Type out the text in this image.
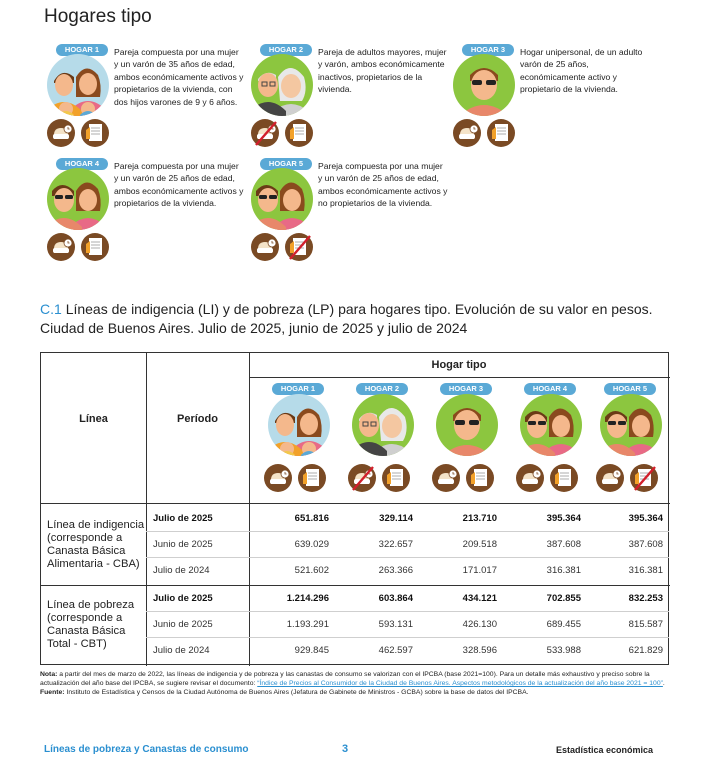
Hogares tipo
HOGAR 1	Pareja compuesta por una mujer y un varón de 35 años de edad, ambos económicamente activos y propietarios de la vivienda, con dos hijos varones de 9 y 6 años.
HOGAR 2	Pareja de adultos mayores, mujer y varón, ambos económicamente inactivos, propietarios de la vivienda.
HOGAR 3	Hogar unipersonal, de un adulto varón de 25 años, económicamente activo y propietario de la vivienda.
HOGAR 4	Pareja compuesta por una mujer y un varón de 25 años de edad, ambos económicamente activos y propietarios de la vivienda.
HOGAR 5	Pareja compuesta por una mujer y un varón de 25 años de edad, ambos económicamente activos y no propietarios de la vivienda.
C.1 Líneas de indigencia (LI) y de pobreza (LP) para hogares tipo. Evolución de su valor en pesos. Ciudad de Buenos Aires. Julio de 2025, junio de 2025 y julio de 2024
Línea	Período
Hogar tipo
HOGAR 1	HOGAR 2	HOGAR 3	HOGAR 4	HOGAR 5
Línea de indigencia (corresponde a Canasta Básica Alimentaria - CBA)
Julio de 2025	651.816	329.114	213.710	395.364	395.364
Junio de 2025	639.029	322.657	209.518	387.608	387.608
Julio de 2024	521.602	263.366	171.017	316.381	316.381
Línea de pobreza (corresponde a Canasta Básica Total - CBT)
Julio de 2025	1.214.296	603.864	434.121	702.855	832.253
Junio de 2025	1.193.291	593.131	426.130	689.455	815.587
Julio de 2024	929.845	462.597	328.596	533.988	621.829
Nota: a partir del mes de marzo de 2022, las líneas de indigencia y de pobreza y las canastas de consumo se valorizan con el IPCBA (base 2021=100). Para un detalle más exhaustivo y preciso sobre la actualización del año base del IPCBA, se sugiere revisar el documento: “Índice de Precios al Consumidor de la Ciudad de Buenos Aires. Aspectos metodológicos de la actualización del año base 2021 = 100”.
Fuente: Instituto de Estadística y Censos de la Ciudad Autónoma de Buenos Aires (Jefatura de Gabinete de Ministros - GCBA) sobre la base de datos del IPCBA.
Líneas de pobreza y Canastas de consumo	3	Estadística económica
